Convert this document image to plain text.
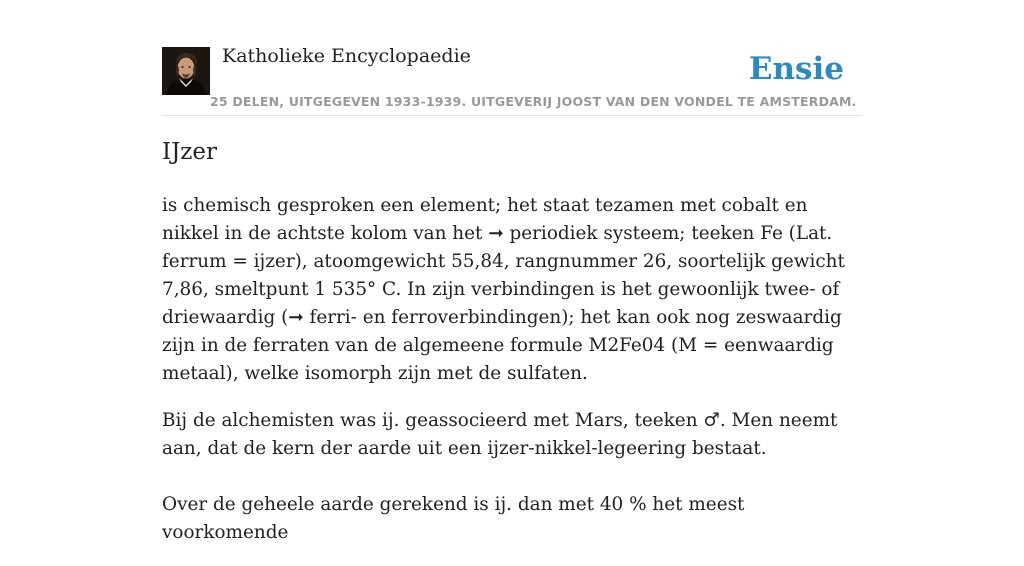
Katholieke Encyclopaedie
25 DELEN, UITGEGEVEN 1933-1939. UITGEVERIJ JOOST VAN DEN VONDEL TE AMSTERDAM.
Ensie
IJzer

is chemisch gesproken een element; het staat tezamen met cobalt en nikkel in de achtste kolom van het ➞ periodiek systeem; teeken Fe (Lat. ferrum = ijzer), atoomgewicht 55,84, rangnummer 26, soortelijk gewicht 7,86, smeltpunt 1 535° C. In zijn verbindingen is het gewoonlijk twee- of driewaardig (➞ ferri- en ferroverbindingen); het kan ook nog zeswaardig zijn in de ferraten van de algemeene formule M2Fe04 (M = eenwaardig metaal), welke isomorph zijn met de sulfaten.

Bij de alchemisten was ij. geassocieerd met Mars, teeken ♂. Men neemt aan, dat de kern der aarde uit een ijzer-nikkel-legeering bestaat.

Over de geheele aarde gerekend is ij. dan met 40 % het meest voorkomende
